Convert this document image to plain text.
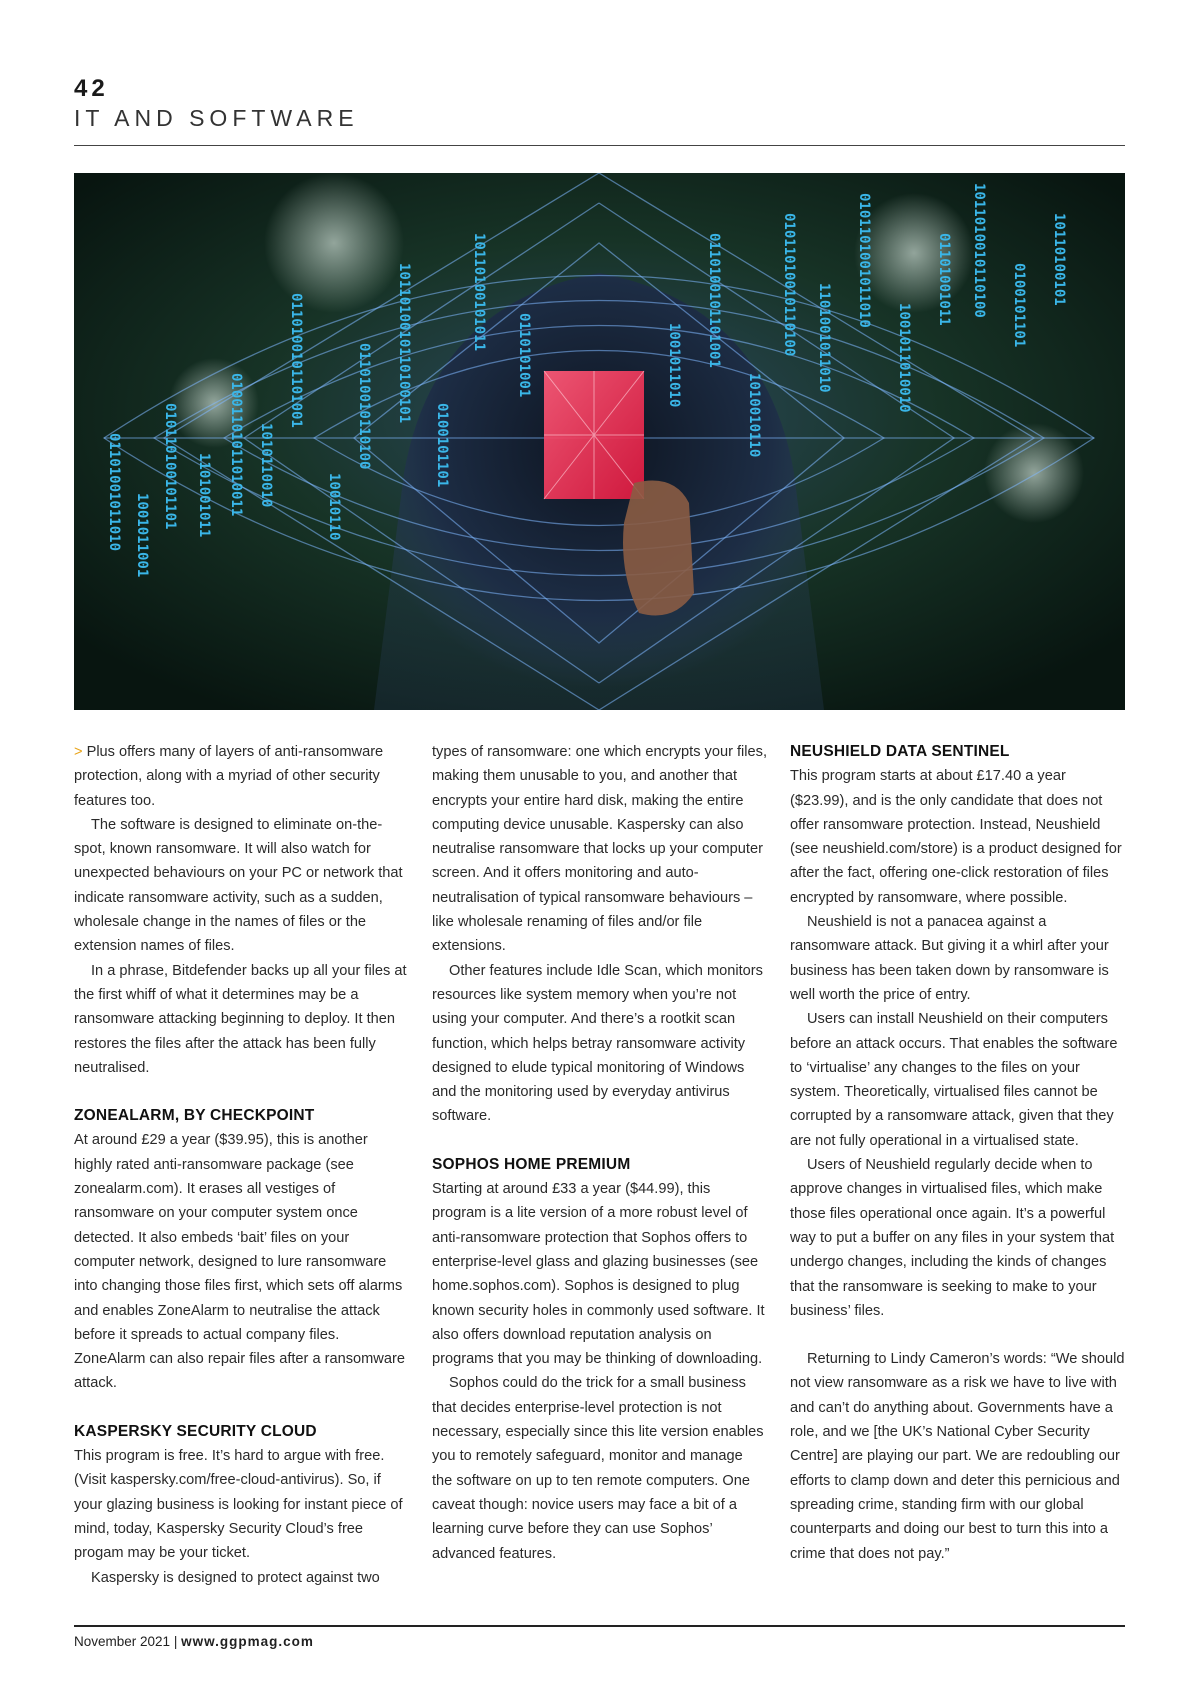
42
IT AND SOFTWARE
01101001011010 1001011001
010110100101101 1101001011 01001101011010011 1010110010
0110100101101001
10010110
011010010110100 1011010010110100101
0100101101
10110100101011
0110101001	1001011010 0110100101101001
1010010110
01011010010110100 1101001011010
0101101001011010
1001011010010
01101001011 1011010010110100 0100101101 10110100101

> Plus offers many of layers of anti-ransomware protection, along with a myriad of other security features too.

The software is designed to eliminate on-the-spot, known ransomware. It will also watch for unexpected behaviours on your PC or network that indicate ransomware activity, such as a sudden, wholesale change in the names of files or the extension names of files.

In a phrase, Bitdefender backs up all your files at the first whiff of what it determines may be a ransomware attacking beginning to deploy. It then restores the files after the attack has been fully neutralised.

ZONEALARM, BY CHECKPOINT

At around £29 a year ($39.95), this is another highly rated anti-ransomware package (see zonealarm.com). It erases all vestiges of ransomware on your computer system once detected. It also embeds ‘bait’ files on your computer network, designed to lure ransomware into changing those files first, which sets off alarms and enables ZoneAlarm to neutralise the attack before it spreads to actual company files. ZoneAlarm can also repair files after a ransomware attack.

KASPERSKY SECURITY CLOUD

This program is free. It’s hard to argue with free. (Visit kaspersky.com/free-cloud-antivirus). So, if your glazing business is looking for instant piece of mind, today, Kaspersky Security Cloud’s free progam may be your ticket.

Kaspersky is designed to protect against two

types of ransomware: one which encrypts your files, making them unusable to you, and another that encrypts your entire hard disk, making the entire computing device unusable. Kaspersky can also neutralise ransomware that locks up your computer screen. And it offers monitoring and auto-neutralisation of typical ransomware behaviours – like wholesale renaming of files and/or file extensions.

Other features include Idle Scan, which monitors resources like system memory when you’re not using your computer. And there’s a rootkit scan function, which helps betray ransomware activity designed to elude typical monitoring of Windows and the monitoring used by everyday antivirus software.

SOPHOS HOME PREMIUM

Starting at around £33 a year ($44.99), this program is a lite version of a more robust level of anti-ransomware protection that Sophos offers to enterprise-level glass and glazing businesses (see home.sophos.com). Sophos is designed to plug known security holes in commonly used software. It also offers download reputation analysis on programs that you may be thinking of downloading.

Sophos could do the trick for a small business that decides enterprise-level protection is not necessary, especially since this lite version enables you to remotely safeguard, monitor and manage the software on up to ten remote computers. One caveat though: novice users may face a bit of a learning curve before they can use Sophos’ advanced features.

NEUSHIELD DATA SENTINEL

This program starts at about £17.40 a year ($23.99), and is the only candidate that does not offer ransomware protection. Instead, Neushield (see neushield.com/store) is a product designed for after the fact, offering one-click restoration of files encrypted by ransomware, where possible.

Neushield is not a panacea against a ransomware attack. But giving it a whirl after your business has been taken down by ransomware is well worth the price of entry.

Users can install Neushield on their computers before an attack occurs. That enables the software to ‘virtualise’ any changes to the files on your system. Theoretically, virtualised files cannot be corrupted by a ransomware attack, given that they are not fully operational in a virtualised state.

Users of Neushield regularly decide when to approve changes in virtualised files, which make those files operational once again. It’s a powerful way to put a buffer on any files in your system that undergo changes, including the kinds of changes that the ransomware is seeking to make to your business’ files.

Returning to Lindy Cameron’s words: “We should not view ransomware as a risk we have to live with and can’t do anything about. Governments have a role, and we [the UK’s National Cyber Security Centre] are playing our part. We are redoubling our efforts to clamp down and deter this pernicious and spreading crime, standing firm with our global counterparts and doing our best to turn this into a crime that does not pay.”

November 2021 | www.ggpmag.com
